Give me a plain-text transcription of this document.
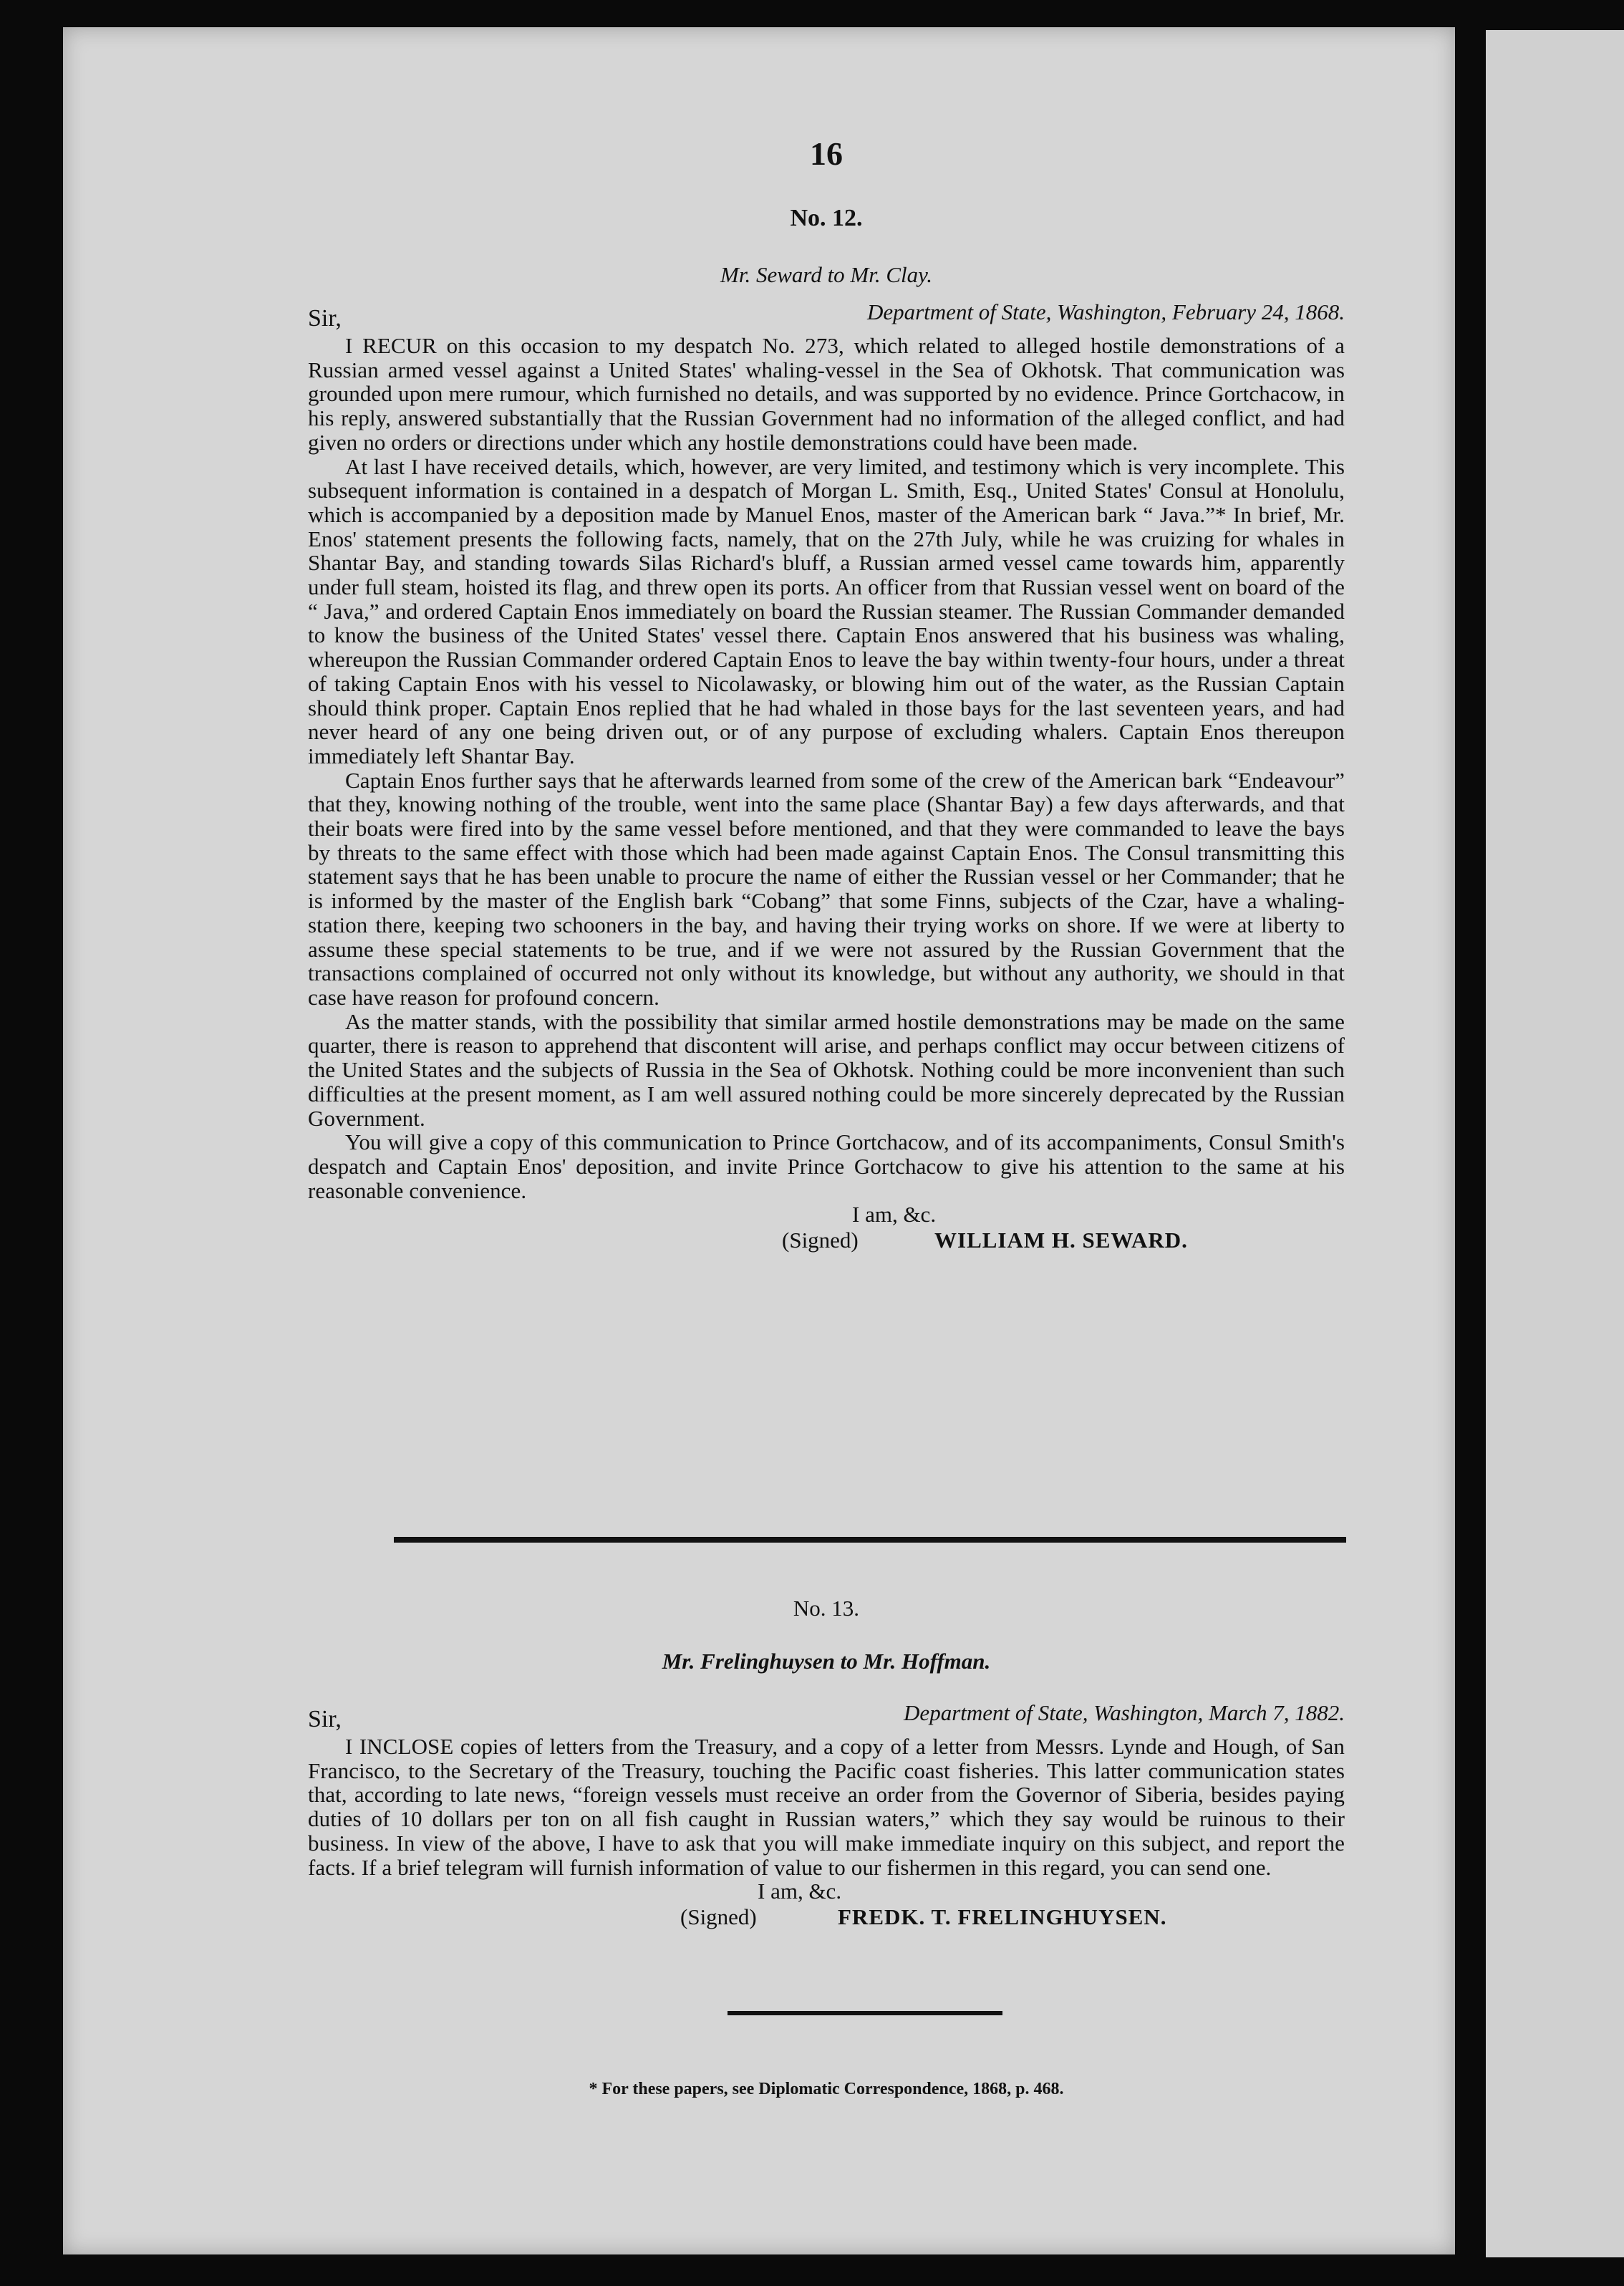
16
No. 12.
Mr. Seward to Mr. Clay.
Sir,	Department of State, Washington, February 24, 1868.

I RECUR on this occasion to my despatch No. 273, which related to alleged hostile demonstrations of a Russian armed vessel against a United States' whaling-vessel in the Sea of Okhotsk. That communication was grounded upon mere rumour, which furnished no details, and was supported by no evidence. Prince Gortchacow, in his reply, answered substantially that the Russian Government had no information of the alleged conflict, and had given no orders or directions under which any hostile demonstrations could have been made.

At last I have received details, which, however, are very limited, and testimony which is very incomplete. This subsequent information is contained in a despatch of Morgan L. Smith, Esq., United States' Consul at Honolulu, which is accompanied by a deposition made by Manuel Enos, master of the American bark “ Java.”* In brief, Mr. Enos' statement presents the following facts, namely, that on the 27th July, while he was cruizing for whales in Shantar Bay, and standing towards Silas Richard's bluff, a Russian armed vessel came towards him, apparently under full steam, hoisted its flag, and threw open its ports. An officer from that Russian vessel went on board of the “ Java,” and ordered Captain Enos immediately on board the Russian steamer. The Russian Commander demanded to know the business of the United States' vessel there. Captain Enos answered that his business was whaling, whereupon the Russian Commander ordered Captain Enos to leave the bay within twenty-four hours, under a threat of taking Captain Enos with his vessel to Nicolawasky, or blowing him out of the water, as the Russian Captain should think proper. Captain Enos replied that he had whaled in those bays for the last seventeen years, and had never heard of any one being driven out, or of any purpose of excluding whalers. Captain Enos thereupon immediately left Shantar Bay.

Captain Enos further says that he afterwards learned from some of the crew of the American bark “Endeavour” that they, knowing nothing of the trouble, went into the same place (Shantar Bay) a few days afterwards, and that their boats were fired into by the same vessel before mentioned, and that they were commanded to leave the bays by threats to the same effect with those which had been made against Captain Enos. The Consul transmitting this statement says that he has been unable to procure the name of either the Russian vessel or her Commander; that he is informed by the master of the English bark “Cobang” that some Finns, subjects of the Czar, have a whaling-station there, keeping two schooners in the bay, and having their trying works on shore. If we were at liberty to assume these special statements to be true, and if we were not assured by the Russian Government that the transactions complained of occurred not only without its knowledge, but without any authority, we should in that case have reason for profound concern.

As the matter stands, with the possibility that similar armed hostile demonstrations may be made on the same quarter, there is reason to apprehend that discontent will arise, and perhaps conflict may occur between citizens of the United States and the subjects of Russia in the Sea of Okhotsk. Nothing could be more inconvenient than such difficulties at the present moment, as I am well assured nothing could be more sincerely deprecated by the Russian Government.

You will give a copy of this communication to Prince Gortchacow, and of its accompaniments, Consul Smith's despatch and Captain Enos' deposition, and invite Prince Gortchacow to give his attention to the same at his reasonable convenience.

I am, &c.
(Signed)	WILLIAM H. SEWARD.
No. 13.
Mr. Frelinghuysen to Mr. Hoffman.
Sir,	Department of State, Washington, March 7, 1882.

I INCLOSE copies of letters from the Treasury, and a copy of a letter from Messrs. Lynde and Hough, of San Francisco, to the Secretary of the Treasury, touching the Pacific coast fisheries. This latter communication states that, according to late news, “foreign vessels must receive an order from the Governor of Siberia, besides paying duties of 10 dollars per ton on all fish caught in Russian waters,” which they say would be ruinous to their business. In view of the above, I have to ask that you will make immediate inquiry on this subject, and report the facts. If a brief telegram will furnish information of value to our fishermen in this regard, you can send one.

I am, &c.
(Signed)	FREDK. T. FRELINGHUYSEN.
* For these papers, see Diplomatic Correspondence, 1868, p. 468.
